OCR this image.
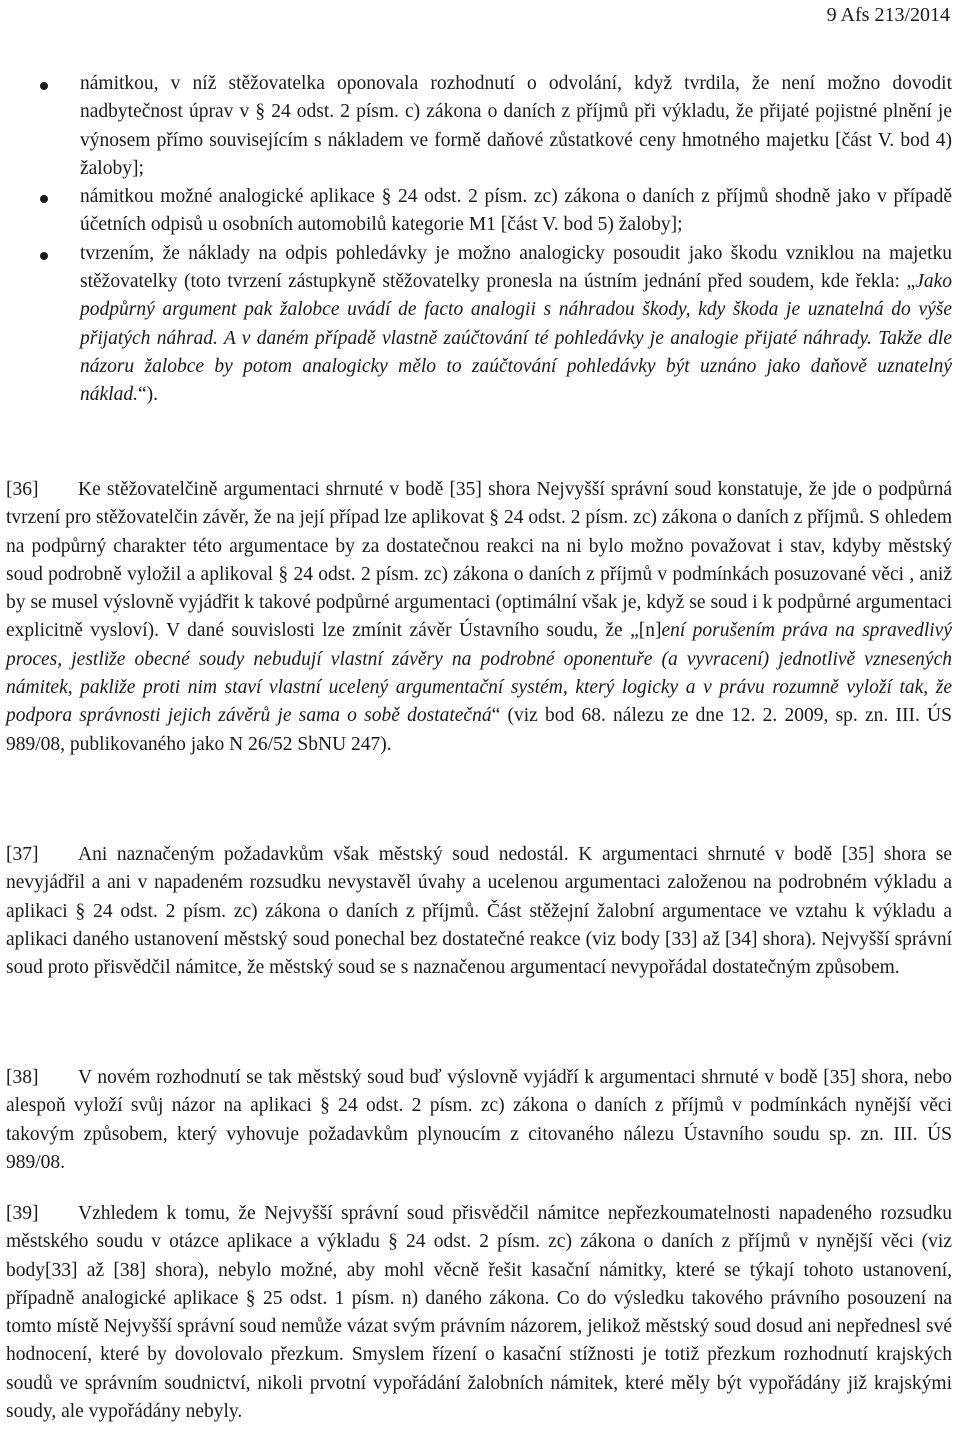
9 Afs 213/2014
námitkou, v níž stěžovatelka oponovala rozhodnutí o odvolání, když tvrdila, že není možno dovodit nadbytečnost úprav v § 24 odst. 2 písm. c) zákona o daních z příjmů při výkladu, že přijaté pojistné plnění je výnosem přímo souvisejícím s nákladem ve formě daňové zůstatkové ceny hmotného majetku [část V. bod 4) žaloby];
námitkou možné analogické aplikace § 24 odst. 2 písm. zc) zákona o daních z příjmů shodně jako v případě účetních odpisů u osobních automobilů kategorie M1 [část V. bod 5) žaloby];
tvrzením, že náklady na odpis pohledávky je možno analogicky posoudit jako škodu vzniklou na majetku stěžovatelky (toto tvrzení zástupkyně stěžovatelky pronesla na ústním jednání před soudem, kde řekla: „Jako podpůrný argument pak žalobce uvádí de facto analogii s náhradou škody, kdy škoda je uznatelná do výše přijatých náhrad. A v daném případě vlastně zaúčtování té pohledávky je analogie přijaté náhrady. Takže dle názoru žalobce by potom analogicky mělo to zaúčtování pohledávky být uznáno jako daňově uznatelný náklad.“).

[36] Ke stěžovatelčině argumentaci shrnuté v bodě [35] shora Nejvyšší správní soud konstatuje, že jde o podpůrná tvrzení pro stěžovatelčin závěr, že na její případ lze aplikovat § 24 odst. 2 písm. zc) zákona o daních z příjmů. S ohledem na podpůrný charakter této argumentace by za dostatečnou reakci na ni bylo možno považovat i stav, kdyby městský soud podrobně vyložil a aplikoval § 24 odst. 2 písm. zc) zákona o daních z příjmů v podmínkách posuzované věci , aniž by se musel výslovně vyjádřit k takové podpůrné argumentaci (optimální však je, když se soud i k podpůrné argumentaci explicitně vysloví). V dané souvislosti lze zmínit závěr Ústavního soudu, že „[n]ení porušením práva na spravedlivý proces, jestliže obecné soudy nebudují vlastní závěry na podrobné oponentuře (a vyvracení) jednotlivě vznesených námitek, pakliže proti nim staví vlastní ucelený argumentační systém, který logicky a v právu rozumně vyloží tak, že podpora správnosti jejich závěrů je sama o sobě dostatečná“ (viz bod 68. nálezu ze dne 12. 2. 2009, sp. zn. III. ÚS 989/08, publikovaného jako N 26/52 SbNU 247).

[37] Ani naznačeným požadavkům však městský soud nedostál. K argumentaci shrnuté v bodě [35] shora se nevyjádřil a ani v napadeném rozsudku nevystavěl úvahy a ucelenou argumentaci založenou na podrobném výkladu a aplikaci § 24 odst. 2 písm. zc) zákona o daních z příjmů. Část stěžejní žalobní argumentace ve vztahu k výkladu a aplikaci daného ustanovení městský soud ponechal bez dostatečné reakce (viz body [33] až [34] shora). Nejvyšší správní soud proto přisvědčil námitce, že městský soud se s naznačenou argumentací nevypořádal dostatečným způsobem.

[38] V novém rozhodnutí se tak městský soud buď výslovně vyjádří k argumentaci shrnuté v bodě [35] shora, nebo alespoň vyloží svůj názor na aplikaci § 24 odst. 2 písm. zc) zákona o daních z příjmů v podmínkách nynější věci takovým způsobem, který vyhovuje požadavkům plynoucím z citovaného nálezu Ústavního soudu sp. zn. III. ÚS 989/08.

[39] Vzhledem k tomu, že Nejvyšší správní soud přisvědčil námitce nepřezkoumatelnosti napadeného rozsudku městského soudu v otázce aplikace a výkladu § 24 odst. 2 písm. zc) zákona o daních z příjmů v nynější věci (viz body[33] až [38] shora), nebylo možné, aby mohl věcně řešit kasační námitky, které se týkají tohoto ustanovení, případně analogické aplikace § 25 odst. 1 písm. n) daného zákona. Co do výsledku takového právního posouzení na tomto místě Nejvyšší správní soud nemůže vázat svým právním názorem, jelikož městský soud dosud ani nepřednesl své hodnocení, které by dovolovalo přezkum. Smyslem řízení o kasační stížnosti je totiž přezkum rozhodnutí krajských soudů ve správním soudnictví, nikoli prvotní vypořádání žalobních námitek, které měly být vypořádány již krajskými soudy, ale vypořádány nebyly.
